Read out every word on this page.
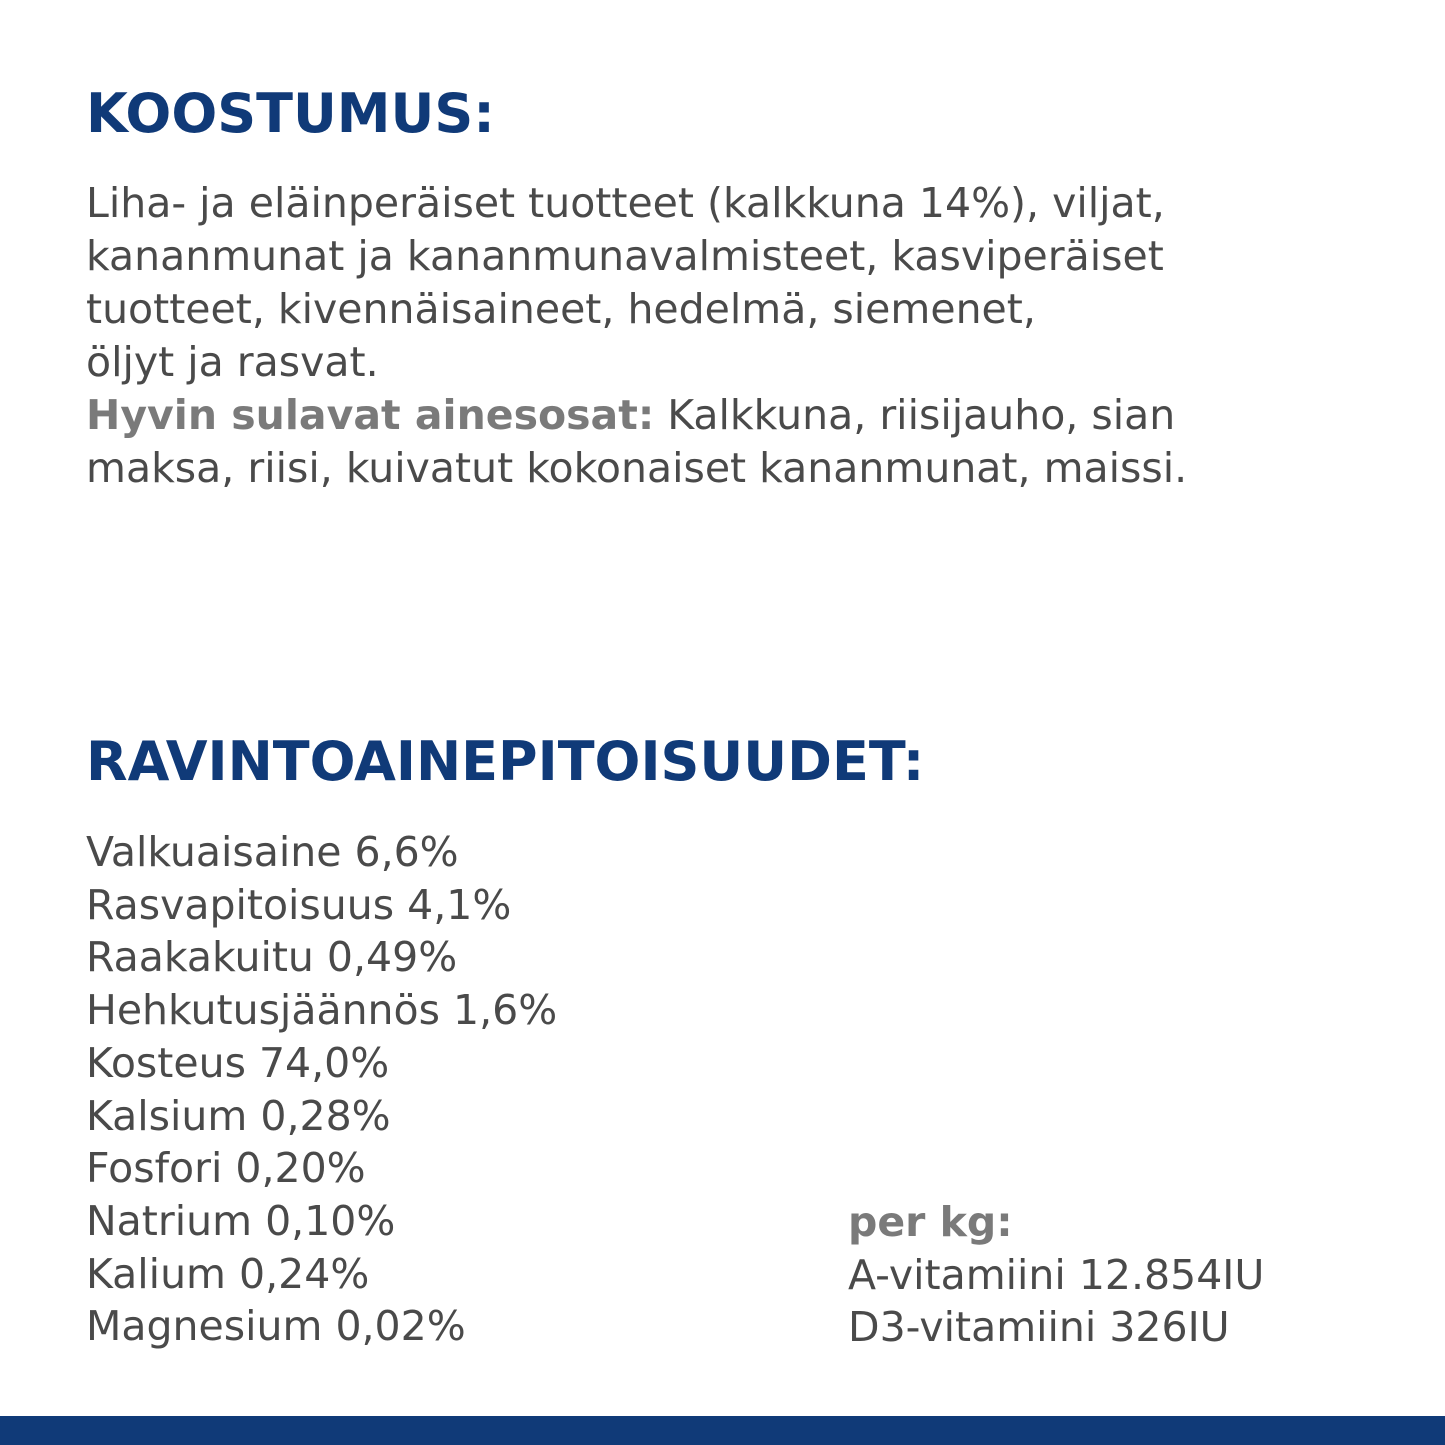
KOOSTUMUS:
Liha- ja eläinperäiset tuotteet (kalkkuna 14%), viljat,
kananmunat ja kananmunavalmisteet, kasviperäiset
tuotteet, kivennäisaineet, hedelmä, siemenet,
öljyt ja rasvat.
Hyvin sulavat ainesosat: Kalkkuna, riisijauho, sian
maksa, riisi, kuivatut kokonaiset kananmunat, maissi.
RAVINTOAINEPITOISUUDET:
Valkuaisaine 6,6%
Rasvapitoisuus 4,1%
Raakakuitu 0,49%
Hehkutusjäännös 1,6%
Kosteus 74,0%
Kalsium 0,28%
Fosfori 0,20%
Natrium 0,10%
Kalium 0,24%
Magnesium 0,02%
per kg:
A-vitamiini 12.854IU
D3-vitamiini 326IU
